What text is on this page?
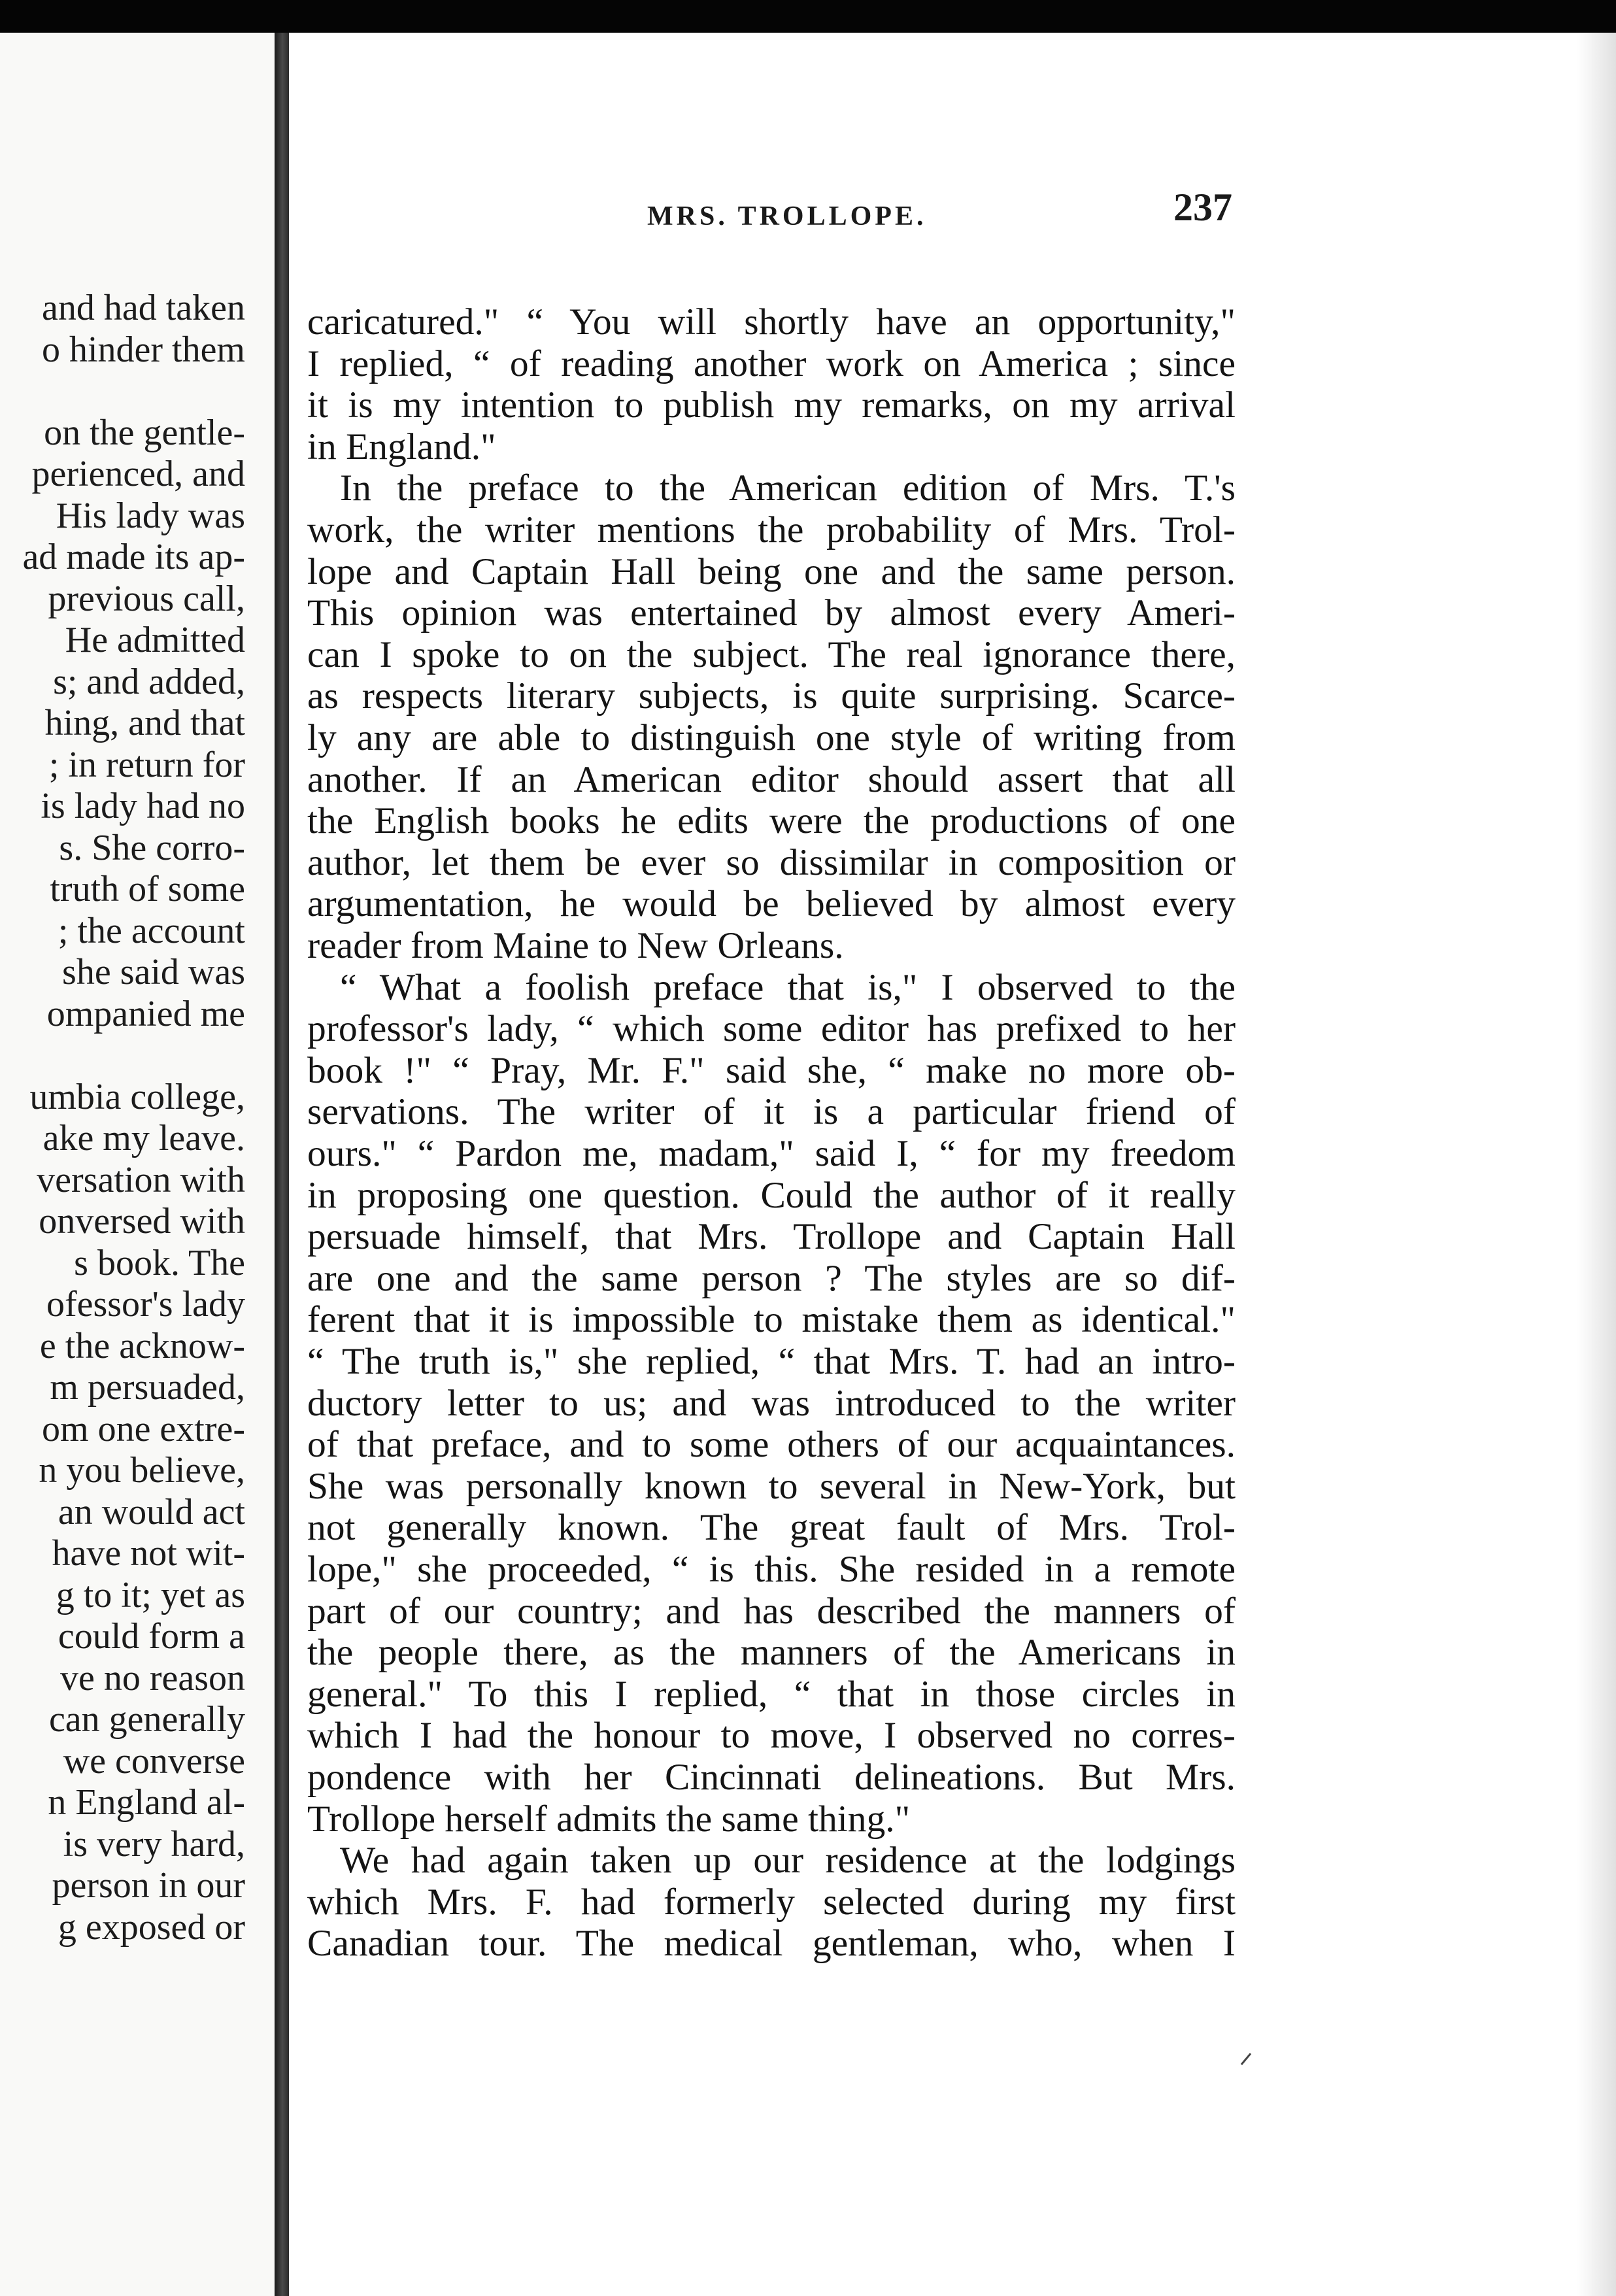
and had taken
o hinder them
on the gentle-
perienced, and
His lady was
ad made its ap-
previous call,
He admitted
s; and added,
hing, and that
; in return for
is lady had no
s. She corro-
truth of some
; the account
she said was
ompanied me
umbia college,
ake my leave.
versation with
onversed with
s book. The
ofessor's lady
e the acknow-
m persuaded,
om one extre-
n you believe,
an would act
have not wit-
g to it; yet as
could form a
ve no reason
can generally
we converse
n England al-
is very hard,
person in our
g exposed or
MRS. TROLLOPE.	237
caricatured." “ You will shortly have an opportunity,"
I replied, “ of reading another work on America ; since
it is my intention to publish my remarks, on my arrival
in England."
In the preface to the American edition of Mrs. T.'s
work, the writer mentions the probability of Mrs. Trol-
lope and Captain Hall being one and the same person.
This opinion was entertained by almost every Ameri-
can I spoke to on the subject. The real ignorance there,
as respects literary subjects, is quite surprising. Scarce-
ly any are able to distinguish one style of writing from
another. If an American editor should assert that all
the English books he edits were the productions of one
author, let them be ever so dissimilar in composition or
argumentation, he would be believed by almost every
reader from Maine to New Orleans.
“ What a foolish preface that is," I observed to the
professor's lady, “ which some editor has prefixed to her
book !" “ Pray, Mr. F." said she, “ make no more ob-
servations. The writer of it is a particular friend of
ours." “ Pardon me, madam," said I, “ for my freedom
in proposing one question. Could the author of it really
persuade himself, that Mrs. Trollope and Captain Hall
are one and the same person ? The styles are so dif-
ferent that it is impossible to mistake them as identical."
“ The truth is," she replied, “ that Mrs. T. had an intro-
ductory letter to us; and was introduced to the writer
of that preface, and to some others of our acquaintances.
She was personally known to several in New-York, but
not generally known. The great fault of Mrs. Trol-
lope," she proceeded, “ is this. She resided in a remote
part of our country; and has described the manners of
the people there, as the manners of the Americans in
general." To this I replied, “ that in those circles in
which I had the honour to move, I observed no corres-
pondence with her Cincinnati delineations. But Mrs.
Trollope herself admits the same thing."
We had again taken up our residence at the lodgings
which Mrs. F. had formerly selected during my first
Canadian tour. The medical gentleman, who, when I
